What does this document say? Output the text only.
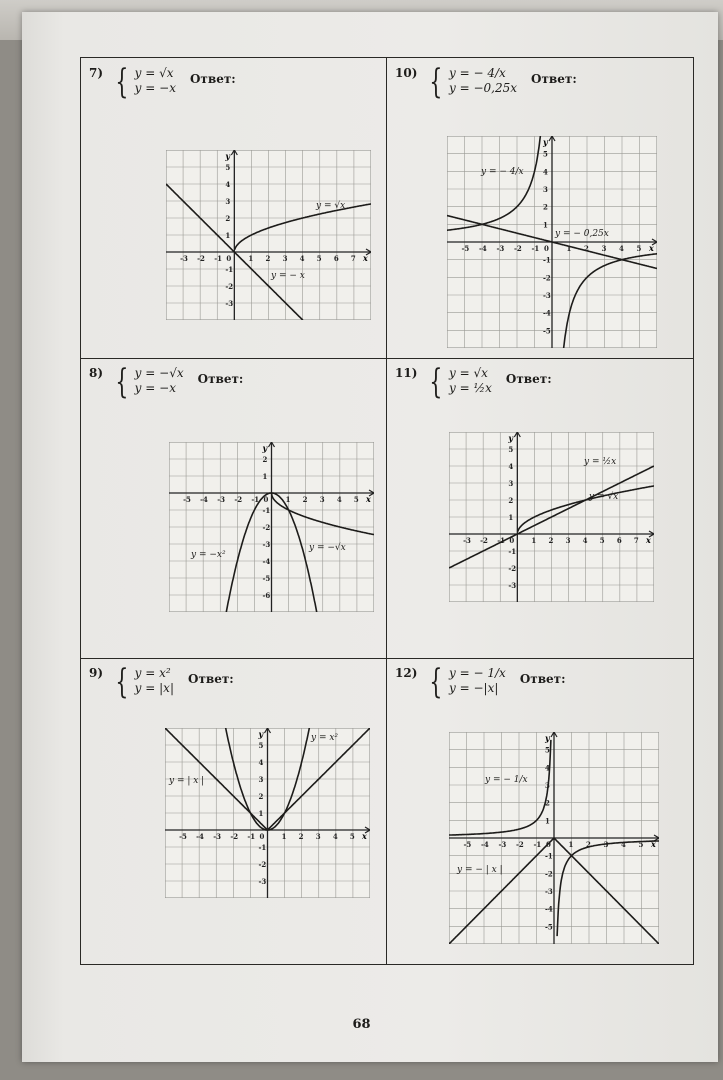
7) { y = √x
y = −x
Ответ:
-3 -2 -1 0 1 2 3 4 5 6 7
-3
-2
-1
1
2
3
4
5
x
y
y = √x
y = − x
10) { y = − 4/x
y = −0,25x
Ответ:
-5 -4 -3 -2 -1 0	1 2 3 4 5
-5
-4
-3
-2
-1
1
2
3
4
5
x
y
y = − 4/x
y = − 0,25x
8) { y = −√x
y = −x
Ответ:
-5 -4 -3 -2 -1 0 1 2 3 4 5
-6
-5
-4
-3
-2
-1
1
2
x
y
y = −x²
y = −√x
11) { y = √x
y = ½x
Ответ:
-3 -2 -1 0 1 2 3 4 5 6 7
-3
-2
-1
1
2
3
4
5
x
y
y = ½x
y = √x
9) { y = x²
y = |x|
Ответ:
-5 -4 -3 -2 -1 0 1 2 3 4 5
-3
-2
-1
1
2
3
4
5
x
y	y = x²
y = | x |
12) { y = − 1/x
y = −|x|
Ответ:
-5 -4 -3 -2 -1 0	1 2 3 4 5
-5
-4
-3
-2
-1
1
2
3
4
5
x
y
y = − 1/x
y = − | x |
68
